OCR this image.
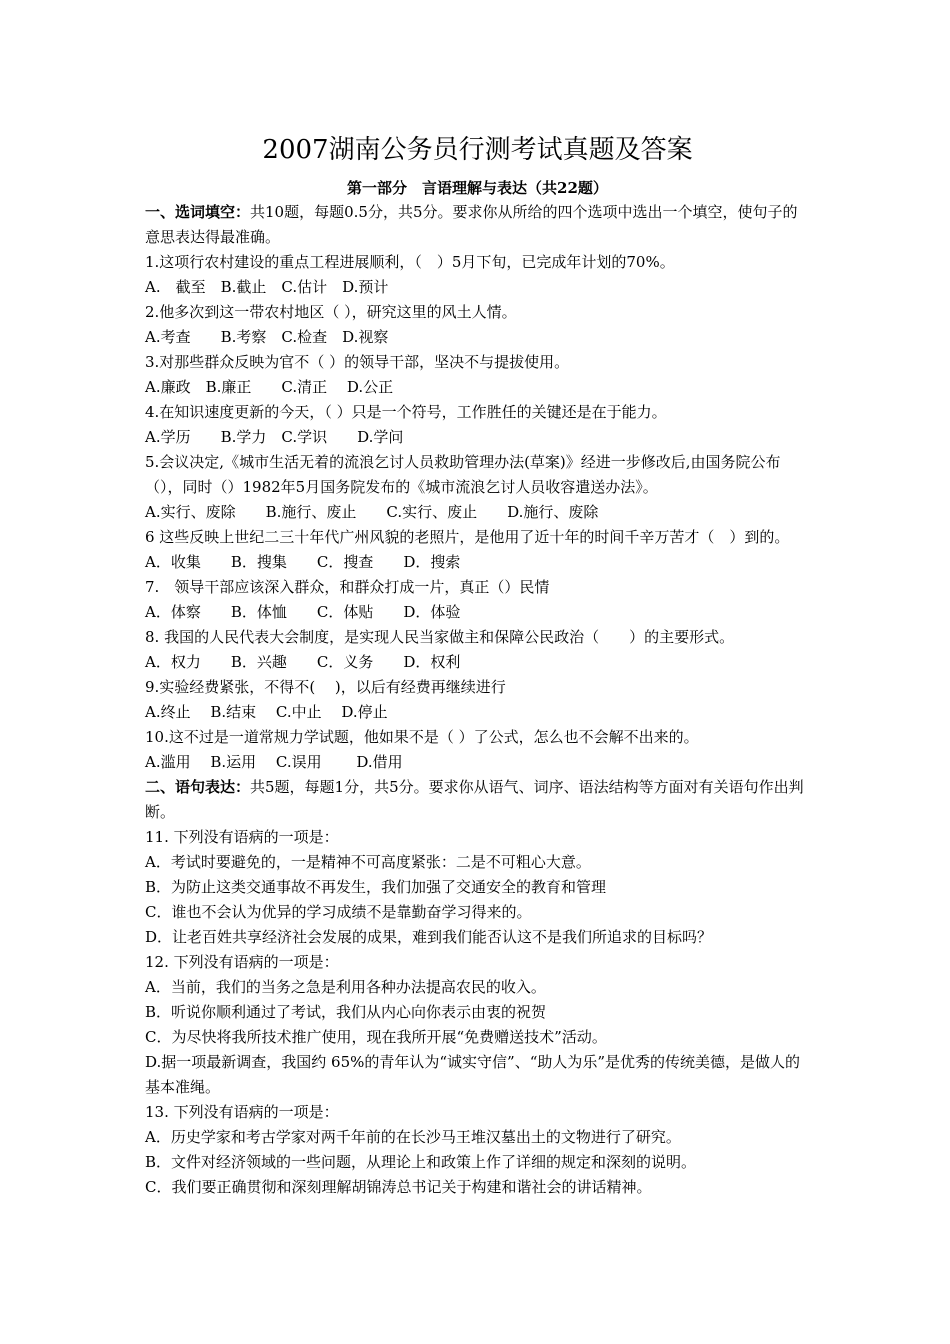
2007湖南公务员行测考试真题及答案

第一部分　言语理解与表达（共22题）

一、选词填空：共10题，每题0.5分，共5分。要求你从所给的四个选项中选出一个填空，使句子的意思表达得最准确。

1.这项行农村建设的重点工程进展顺利，（　）5月下旬，已完成年计划的70%。

A.　截至　B.截止　C.估计　D.预计

2.他多次到这一带农村地区（ ），研究这里的风土人情。

A.考查　　B.考察　C.检查　D.视察

3.对那些群众反映为官不（ ）的领导干部，坚决不与提拔使用。

A.廉政　B.廉正　　C.清正　 D.公正

4.在知识速度更新的今天，（ ）只是一个符号，工作胜任的关键还是在于能力。

A.学历　　B.学力　C.学识　　D.学问

5.会议决定,《城市生活无着的流浪乞讨人员救助管理办法(草案)》经进一步修改后,由国务院公布（），同时（）1982年5月国务院发布的《城市流浪乞讨人员收容遣送办法》。

A.实行、废除　　B.施行、废止　　C.实行、废止　　D.施行、废除

6 这些反映上世纪二三十年代广州风貌的老照片，是他用了近十年的时间千辛万苦才（　）到的。

A．收集　　B．搜集　　C．搜查　　D．搜索

7.　领导干部应该深入群众，和群众打成一片，真正（）民情

A．体察　　B．体恤　　C．体贴　　D．体验

8. 我国的人民代表大会制度，是实现人民当家做主和保障公民政治（　　）的主要形式。

A．权力　　B．兴趣　　C．义务　　D．权利

9.实验经费紧张，不得不(　 )，以后有经费再继续进行

A.终止　 B.结束　 C.中止　 D.停止

10.这不过是一道常规力学试题，他如果不是（ ）了公式，怎么也不会解不出来的。

A.滥用　 B.运用　 C.误用　　 D.借用

二、语句表达：共5题，每题1分，共5分。要求你从语气、词序、语法结构等方面对有关语句作出判断。

11. 下列没有语病的一项是：

A．考试时要避免的，一是精神不可高度紧张：二是不可粗心大意。

B．为防止这类交通事故不再发生，我们加强了交通安全的教育和管理

C．谁也不会认为优异的学习成绩不是靠勤奋学习得来的。

D．让老百姓共享经济社会发展的成果，难到我们能否认这不是我们所追求的目标吗？

12. 下列没有语病的一项是：

A．当前，我们的当务之急是利用各种办法提高农民的收入。

B．听说你顺利通过了考试，我们从内心向你表示由衷的祝贺

C．为尽快将我所技术推广使用，现在我所开展“免费赠送技术”活动。

D.据一项最新调查，我国约 65%的青年认为“诚实守信”、“助人为乐”是优秀的传统美德，是做人的基本准绳。

13. 下列没有语病的一项是：

A．历史学家和考古学家对两千年前的在长沙马王堆汉墓出土的文物进行了研究。

B．文件对经济领域的一些问题，从理论上和政策上作了详细的规定和深刻的说明。

C．我们要正确贯彻和深刻理解胡锦涛总书记关于构建和谐社会的讲话精神。
